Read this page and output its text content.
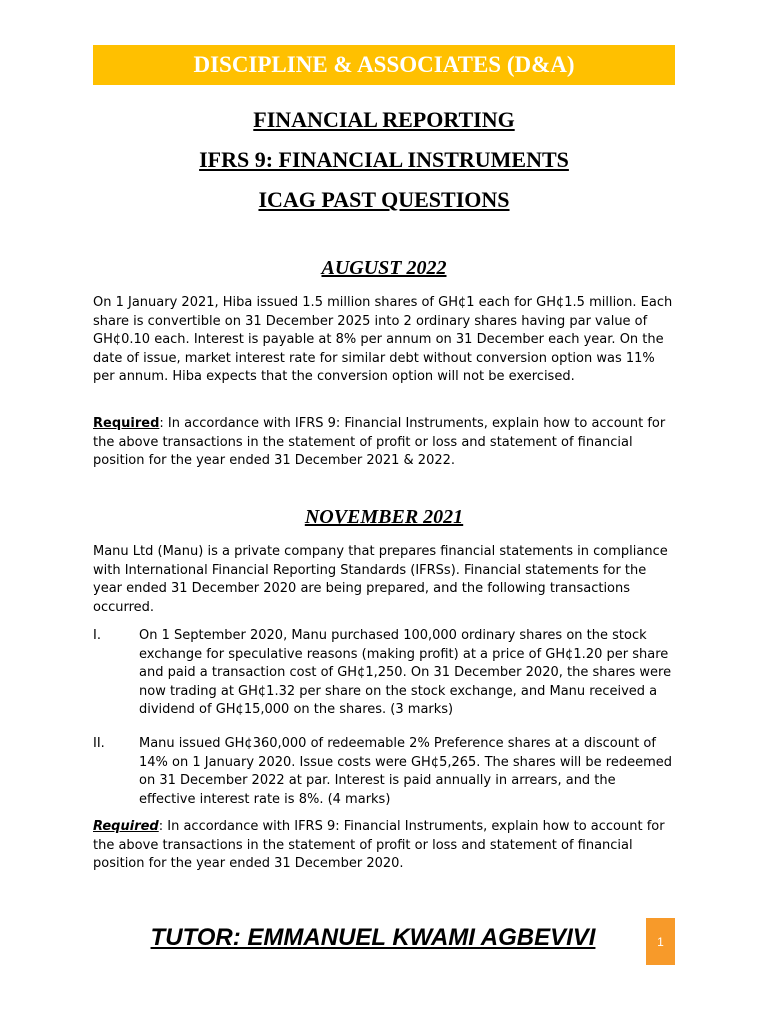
DISCIPLINE & ASSOCIATES (D&A)
FINANCIAL REPORTING
IFRS 9: FINANCIAL INSTRUMENTS
ICAG PAST QUESTIONS
AUGUST 2022
On 1 January 2021, Hiba issued 1.5 million shares of GH¢1 each for GH¢1.5 million. Each share is convertible on 31 December 2025 into 2 ordinary shares having par value of GH¢0.10 each. Interest is payable at 8% per annum on 31 December each year. On the date of issue, market interest rate for similar debt without conversion option was 11% per annum. Hiba expects that the conversion option will not be exercised.
Required: In accordance with IFRS 9: Financial Instruments, explain how to account for the above transactions in the statement of profit or loss and statement of financial position for the year ended 31 December 2021 & 2022.
NOVEMBER 2021
Manu Ltd (Manu) is a private company that prepares financial statements in compliance with International Financial Reporting Standards (IFRSs). Financial statements for the year ended 31 December 2020 are being prepared, and the following transactions occurred.
I.	On 1 September 2020, Manu purchased 100,000 ordinary shares on the stock exchange for speculative reasons (making profit) at a price of GH¢1.20 per share and paid a transaction cost of GH¢1,250. On 31 December 2020, the shares were now trading at GH¢1.32 per share on the stock exchange, and Manu received a dividend of GH¢15,000 on the shares. (3 marks)
II.	Manu issued GH¢360,000 of redeemable 2% Preference shares at a discount of 14% on 1 January 2020. Issue costs were GH¢5,265. The shares will be redeemed on 31 December 2022 at par. Interest is paid annually in arrears, and the effective interest rate is 8%. (4 marks)
Required: In accordance with IFRS 9: Financial Instruments, explain how to account for the above transactions in the statement of profit or loss and statement of financial position for the year ended 31 December 2020.
TUTOR: EMMANUEL KWAMI AGBEVIVI	1
